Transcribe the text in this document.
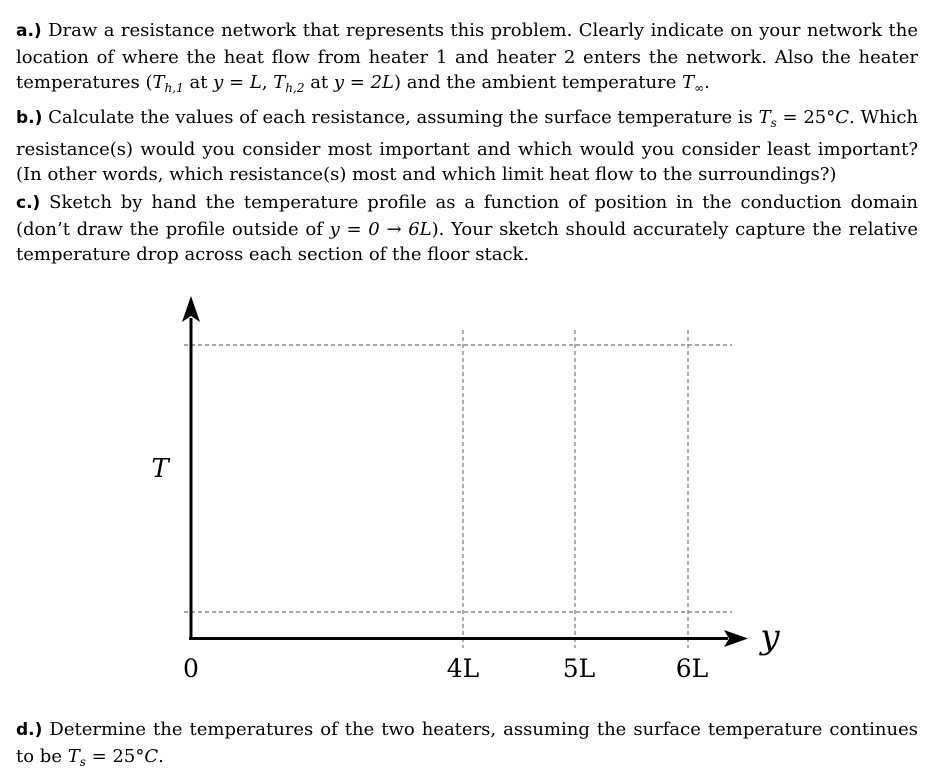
a.) Draw a resistance network that represents this problem. Clearly indicate on your network the location of where the heat flow from heater 1 and heater 2 enters the network. Also the heater temperatures ($T_{h,1}$ at y = L, $T_{h,2}$ at y = 2L) and the ambient temperature $T_\infty$.
b.) Calculate the values of each resistance, assuming the surface temperature is $T_s = 25^\circ C$. Which resistance(s) would you consider most important and which would you consider least important? (In other words, which resistance(s) most and which limit heat flow to the surroundings?)
c.) Sketch by hand the temperature profile as a function of position in the conduction domain (don’t draw the profile outside of y = 0 → 6L). Your sketch should accurately capture the relative temperature drop across each section of the floor stack.
T
y
0	4L	5L	6L
d.) Determine the temperatures of the two heaters, assuming the surface temperature continues to be $T_s = 25^\circ C$.
